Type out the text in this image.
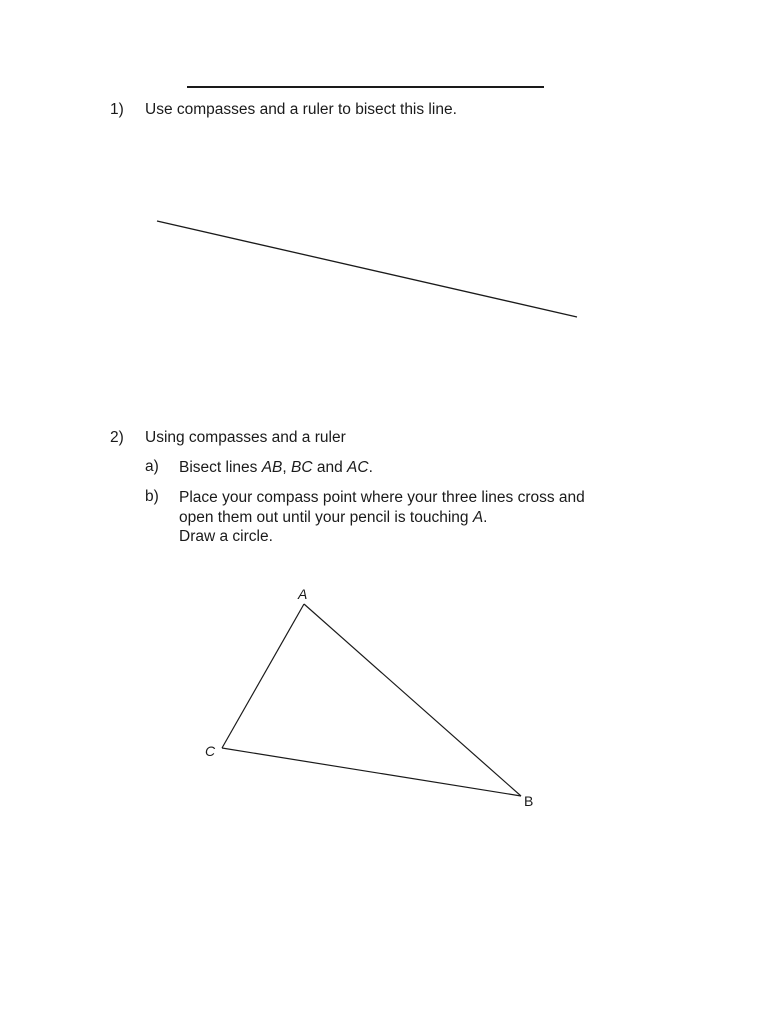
1) Use compasses and a ruler to bisect this line.
2) Using compasses and a ruler
a) Bisect lines AB, BC and AC.
b) Place your compass point where your three lines cross and
open them out until your pencil is touching A.
Draw a circle.
A
B
C
